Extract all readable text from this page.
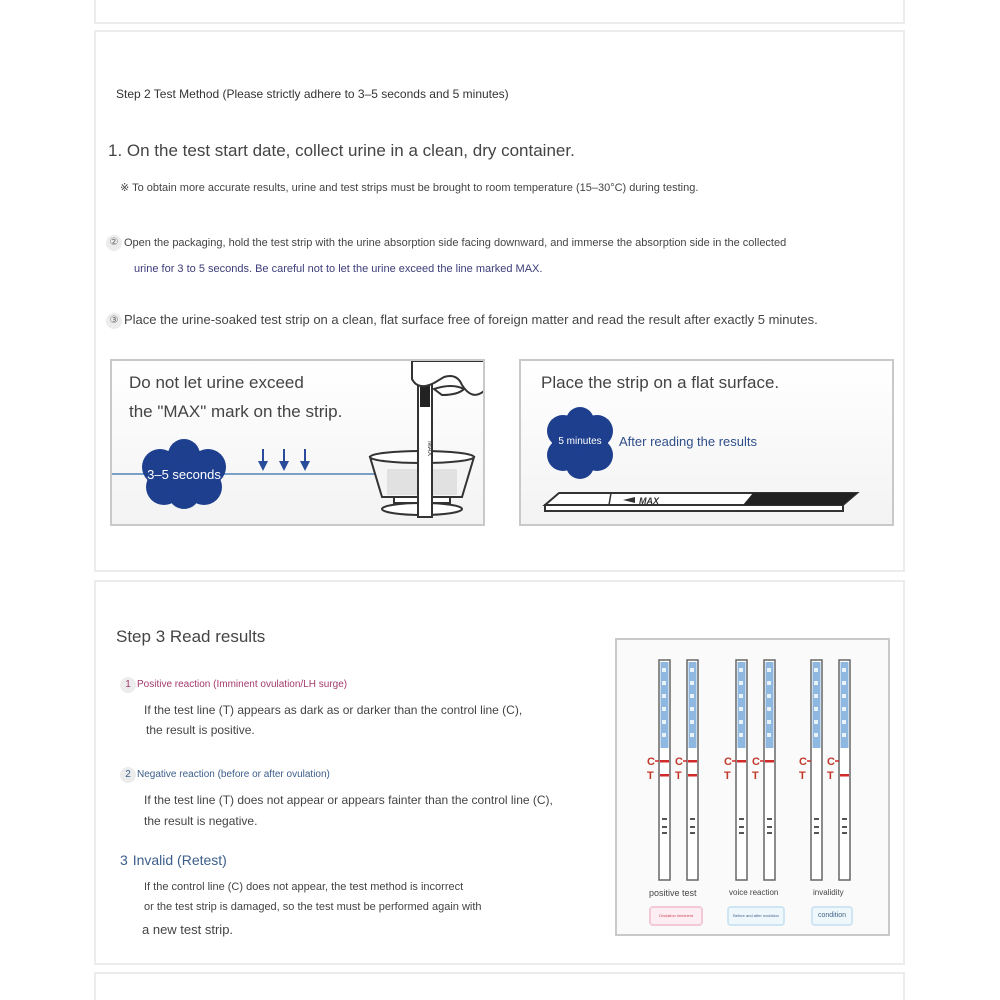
Step 2 Test Method (Please strictly adhere to 3–5 seconds and 5 minutes)
1. On the test start date, collect urine in a clean, dry container.
※ To obtain more accurate results, urine and test strips must be brought to room temperature (15–30°C) during testing.
② Open the packaging, hold the test strip with the urine absorption side facing downward, and immerse the absorption side in the collected
urine for 3 to 5 seconds. Be careful not to let the urine exceed the line marked MAX.
③ Place the urine-soaked test strip on a clean, flat surface free of foreign matter and read the result after exactly 5 minutes.
Do not let urine exceed
the "MAX" mark on the strip.
MAX
3–5 seconds
Place the strip on a flat surface.
5 minutes	After reading the results
MAX
Step 3 Read results
1 Positive reaction (Imminent ovulation/LH surge)
If the test line (T) appears as dark as or darker than the control line (C),
the result is positive.
2 Negative reaction (before or after ovulation)
If the test line (T) does not appear or appears fainter than the control line (C),
the result is negative.
3 Invalid (Retest)
If the control line (C) does not appear, the test method is incorrect
or the test strip is damaged, so the test must be performed again with
a new test strip.
C
T
C
T
C
T
C
T
C
T
C
T
positive test	voice reaction	invalidity
Ovulation imminent	Before and after ovulation	condition
